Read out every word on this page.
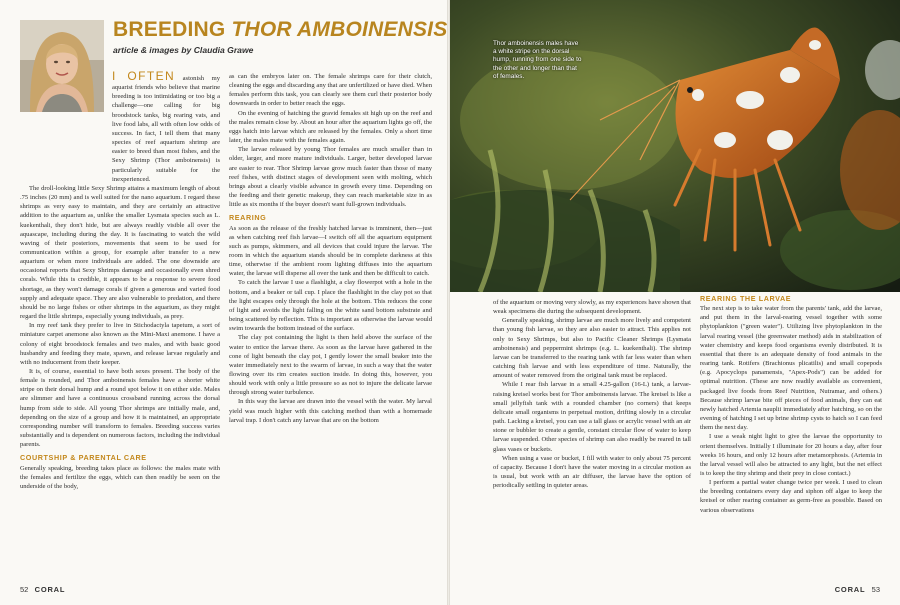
BREEDING THOR AMBOINENSIS
article & images by Claudia Grawe

I OFTEN astonish my aquarist friends who believe that marine breeding is too intimidating or too big a challenge—one calling for big broodstock tanks, big rearing vats, and live food labs, all with often low odds of success. In fact, I tell them that many species of reef aquarium shrimp are easier to breed than most fishes, and the Sexy Shrimp (Thor amboinensis) is particularly suitable for the inexperienced.

The droll-looking little Sexy Shrimp attains a maximum length of about .75 inches (20 mm) and is well suited for the nano aquarium. I regard these shrimps as very easy to maintain, and they are certainly an attractive addition to the aquarium as, unlike the smaller Lysmata species such as L. kuekenthali, they don't hide, but are always readily visible all over the aquascape, including during the day. It is fascinating to watch the wild waving of their posteriors, movements that seem to be used for communication within a group, for example after transfer to a new aquarium or when more individuals are added. The one downside are occasional reports that Sexy Shrimps damage and occasionally even shred corals. While this is credible, it appears to be a response to severe food shortage, as they won't damage corals if given a generous and varied food supply and adequate space. They are also vulnerable to predation, and there should be no large fishes or other shrimps in the aquarium, as they might regard the little shrimps, especially young individuals, as prey.

In my reef tank they prefer to live in Stichodactyla tapetum, a sort of miniature carpet anemone also known as the Mini-Maxi anemone. I have a colony of eight broodstock females and two males, and with basic good husbandry and feeding they mate, spawn, and release larvae regularly and with no inducement from their keeper.

It is, of course, essential to have both sexes present. The body of the female is rounded, and Thor amboinensis females have a shorter white stripe on their dorsal hump and a round spot below it on either side. Males are slimmer and have a continuous crossband running across the dorsal hump from side to side. All young Thor shrimps are initially male, and, depending on the size of a group and how it is maintained, an appropriate corresponding number will transform to females. Breeding success varies substantially and is dependent on numerous factors, including the individual parents.

COURTSHIP & PARENTAL CARE

Generally speaking, breeding takes place as follows: the males mate with the females and fertilize the eggs, which can then readily be seen on the underside of the body,

as can the embryos later on. The female shrimps care for their clutch, cleaning the eggs and discarding any that are unfertilized or have died. When females perform this task, you can clearly see them curl their posterior body downwards in order to better reach the eggs.

On the evening of hatching the gravid females sit high up on the reef and the males remain close by. About an hour after the aquarium lights go off, the eggs hatch into larvae which are released by the females. Only a short time later, the males mate with the females again.

The larvae released by young Thor females are much smaller than in older, larger, and more mature individuals. Larger, better developed larvae are easier to rear. Thor Shrimp larvae grow much faster than those of many reef fishes, with distinct stages of development seen with molting, which brings about a clearly visible advance in growth every time. Depending on the feeding and their genetic makeup, they can reach marketable size in as little as six months if the buyer doesn't want full-grown individuals.

REARING

As soon as the release of the freshly hatched larvae is imminent, then—just as when catching reef fish larvae—I switch off all the aquarium equipment such as pumps, skimmers, and all devices that could injure the larvae. The room in which the aquarium stands should be in complete darkness at this time, otherwise if the ambient room lighting diffuses into the aquarium water, the larvae will disperse all over the tank and then be difficult to catch.

To catch the larvae I use a flashlight, a clay flowerpot with a hole in the bottom, and a beaker or tall cup. I place the flashlight in the clay pot so that the light escapes only through the hole at the bottom. This reduces the cone of light and avoids the light falling on the white sand bottom substrate and being scattered by reflection. This is important as otherwise the larvae would swim towards the bottom instead of the surface.

The clay pot containing the light is then held above the surface of the water to entice the larvae there. As soon as the larvae have gathered in the cone of light beneath the clay pot, I gently lower the small beaker into the water immediately next to the swarm of larvae, in such a way that the water flowing over its rim creates suction inside. In doing this, however, you should work with only a little pressure so as not to injure the delicate larvae through strong water turbulence.

In this way the larvae are drawn into the vessel with the water. My larval yield was much higher with this catching method than with a homemade larval trap. I don't catch any larvae that are on the bottom

52 CORAL
Thor amboinensis males have a white stripe on the dorsal hump, running from one side to the other and longer than that of females.

of the aquarium or moving very slowly, as my experiences have shown that weak specimens die during the subsequent development.

Generally speaking, shrimp larvae are much more lively and competent than young fish larvae, so they are also easier to attract. This applies not only to Sexy Shrimps, but also to Pacific Cleaner Shrimps (Lysmata amboinensis) and peppermint shrimps (e.g. L. kuekenthali). The shrimp larvae can be transferred to the rearing tank with far less water than when catching fish larvae and with less expenditure of time. Naturally, the amount of water removed from the original tank must be replaced.

While I rear fish larvae in a small 4.25-gallon (16-L) tank, a larvae-raising kreisel works best for Thor amboinensis larvae. The kreisel is like a small jellyfish tank with a rounded chamber (no corners) that keeps delicate small organisms in perpetual motion, drifting slowly in a circular path. Lacking a kreisel, you can use a tall glass or acrylic vessel with an air stone or bubbler to create a gentle, constant circular flow of water to keep larvae suspended. Other species of shrimp can also readily be reared in tall glass vases or buckets.

When using a vase or bucket, I fill with water to only about 75 percent of capacity. Because I don't have the water moving in a circular motion as is usual, but work with an air diffuser, the larvae have the option of periodically settling in quieter areas.

REARING THE LARVAE

The next step is to take water from the parents' tank, add the larvae, and put them in the larval-rearing vessel together with some phytoplankton ("green water"). Utilizing live phytoplankton in the larval rearing vessel (the greenwater method) aids in stabilization of water chemistry and keeps food organisms evenly distributed. It is essential that there is an adequate density of food animals in the rearing tank. Rotifers (Brachionus plicatilis) and small copepods (e.g. Apocyclops panamensis, "Apex-Pods") can be added for optimal nutrition. (These are now readily available as convenient, packaged live foods from Reef Nutrition, Nutramar, and others.) Because shrimp larvae bite off pieces of food animals, they can eat newly hatched Artemia nauplii immediately after hatching, so on the evening of hatching I set up brine shrimp cysts to hatch so I can feed them the next day.

I use a weak night light to give the larvae the opportunity to orient themselves. Initially I illuminate for 20 hours a day, after four weeks 16 hours, and only 12 hours after metamorphosis. (Artemia in the larval vessel will also be attracted to any light, but the net effect is to keep the tiny shrimp and their prey in close contact.)

I perform a partial water change twice per week. I used to clean the breeding containers every day and siphon off algae to keep the kreisel or other rearing container as germ-free as possible. Based on various observations

CORAL 53
